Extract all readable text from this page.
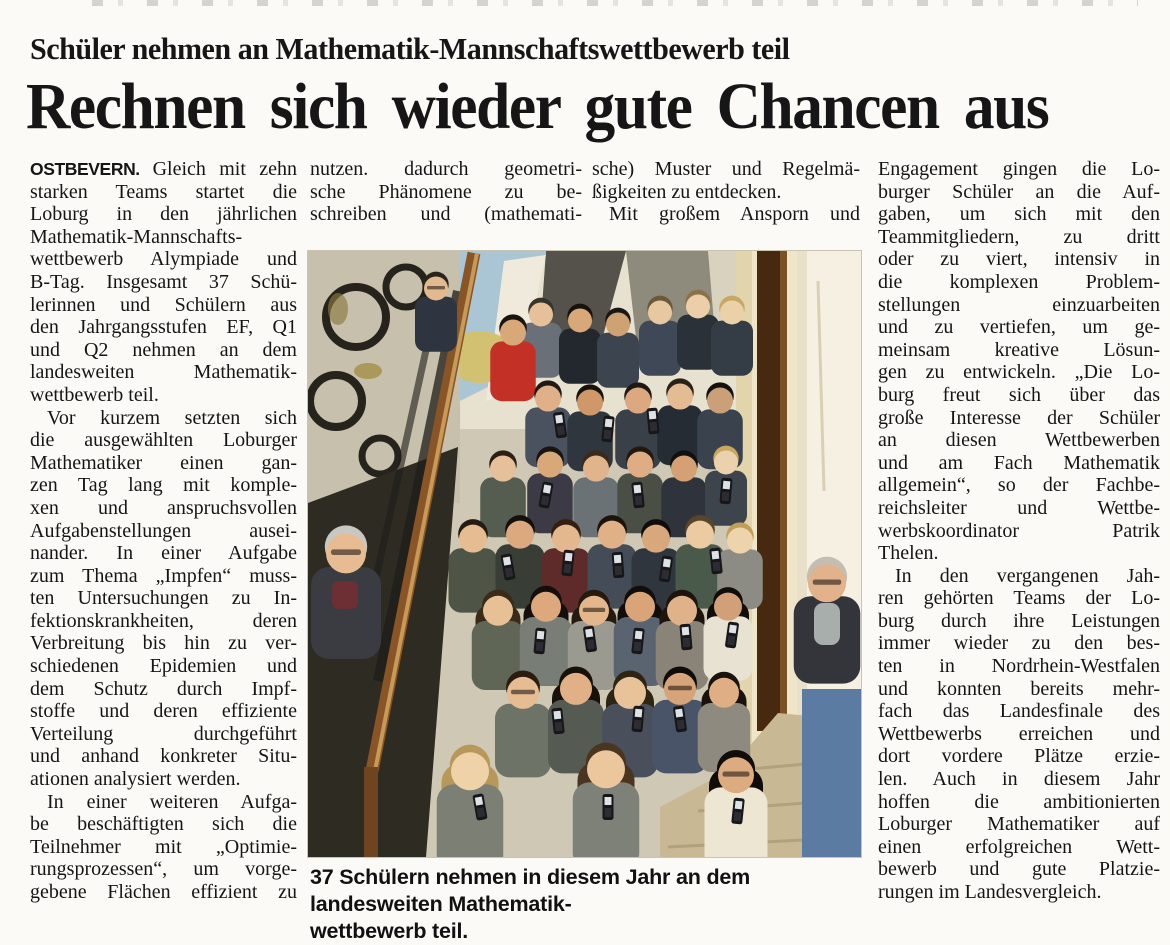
Schüler nehmen an Mathematik-Mannschaftswettbewerb teil
Rechnen sich wieder gute Chancen aus
OSTBEVERN. Gleich mit zehn
starken Teams startet die
Loburg in den jährlichen
Mathematik-Mannschafts-
wettbewerb Alympiade und
B-Tag. Insgesamt 37 Schü-
lerinnen und Schülern aus
den Jahrgangsstufen EF, Q1
und Q2 nehmen an dem
landesweiten Mathematik-
wettbewerb teil.
Vor kurzem setzten sich
die ausgewählten Loburger
Mathematiker einen gan-
zen Tag lang mit komple-
xen und anspruchsvollen
Aufgabenstellungen ausei-
nander. In einer Aufgabe
zum Thema „Impfen“ muss-
ten Untersuchungen zu In-
fektionskrankheiten, deren
Verbreitung bis hin zu ver-
schiedenen Epidemien und
dem Schutz durch Impf-
stoffe und deren effiziente
Verteilung durchgeführt
und anhand konkreter Situ-
ationen analysiert werden.
In einer weiteren Aufga-
be beschäftigten sich die
Teilnehmer mit „Optimie-
rungsprozessen“, um vorge-
gebene Flächen effizient zu
nutzen. dadurch geometri-
sche Phänomene zu be-
schreiben und (mathemati-
sche) Muster und Regelmä-
ßigkeiten zu entdecken.
Mit großem Ansporn und
Engagement gingen die Lo-
burger Schüler an die Auf-
gaben, um sich mit den
Teammitgliedern, zu dritt
oder zu viert, intensiv in
die komplexen Problem-
stellungen einzuarbeiten
und zu vertiefen, um ge-
meinsam kreative Lösun-
gen zu entwickeln. „Die Lo-
burg freut sich über das
große Interesse der Schüler
an diesen Wettbewerben
und am Fach Mathematik
allgemein“, so der Fachbe-
reichsleiter und Wettbe-
werbskoordinator Patrik
Thelen.
In den vergangenen Jah-
ren gehörten Teams der Lo-
burg durch ihre Leistungen
immer wieder zu den bes-
ten in Nordrhein-Westfalen
und konnten bereits mehr-
fach das Landesfinale des
Wettbewerbs erreichen und
dort vordere Plätze erzie-
len. Auch in diesem Jahr
hoffen die ambitionierten
Loburger Mathematiker auf
einen erfolgreichen Wett-
bewerb und gute Platzie-
rungen im Landesvergleich.
37 Schülern nehmen in diesem Jahr an dem landesweiten Mathematik-
wettbewerb teil.
